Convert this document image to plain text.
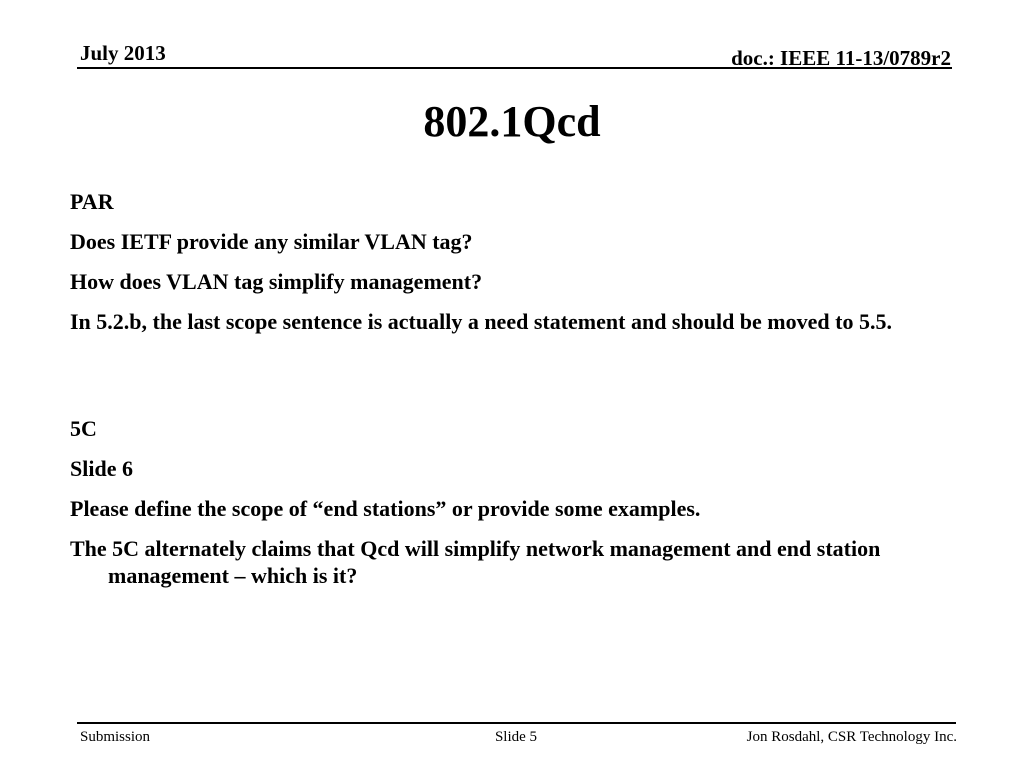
July 2013	doc.: IEEE 11-13/0789r2
802.1Qcd

PAR

Does IETF provide any similar VLAN tag?

How does VLAN tag simplify management?

In 5.2.b, the last scope sentence is actually a need statement and should be moved to 5.5.

5C

Slide 6

Please define the scope of “end stations” or provide some examples.

The 5C alternately claims that Qcd will simplify network management and end station management – which is it?

Submission	Slide 5	Jon Rosdahl, CSR Technology Inc.
